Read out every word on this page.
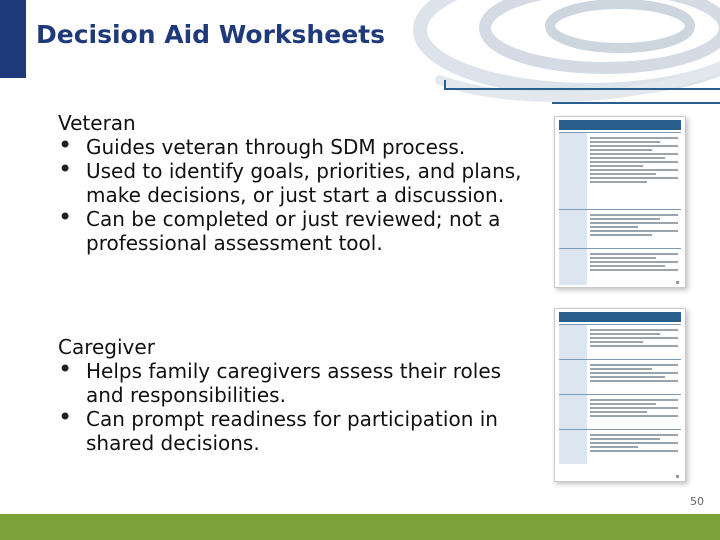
Decision Aid Worksheets
Veteran
• Guides veteran through SDM process.
• Used to identify goals, priorities, and plans, make decisions, or just start a discussion.
• Can be completed or just reviewed; not a professional assessment tool.
Caregiver
• Helps family caregivers assess their roles and responsibilities.
• Can prompt readiness for participation in shared decisions.
50
